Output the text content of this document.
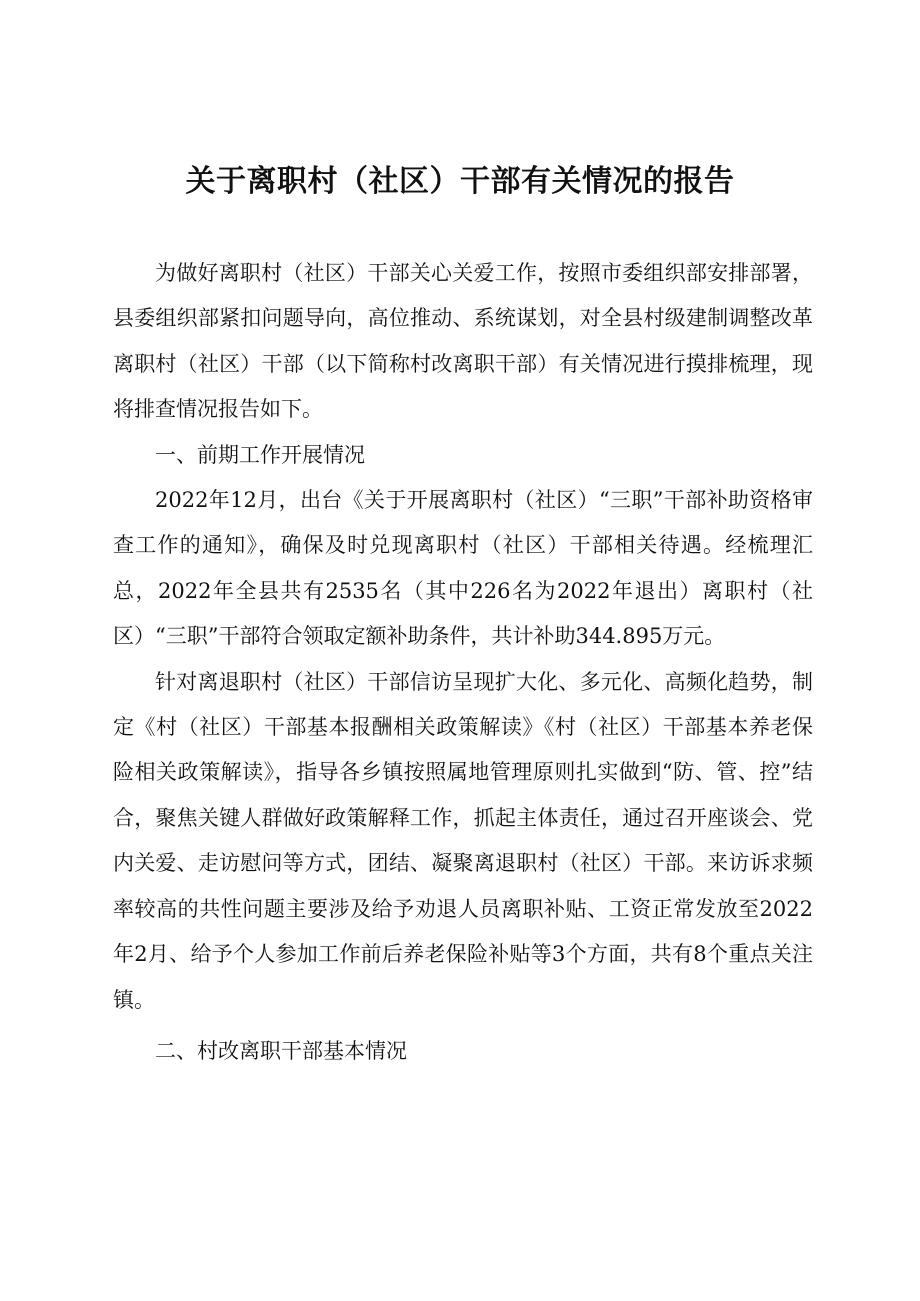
关于离职村（社区）干部有关情况的报告

为做好离职村（社区）干部关心关爱工作，按照市委组织部安排部署，县委组织部紧扣问题导向，高位推动、系统谋划，对全县村级建制调整改革离职村（社区）干部（以下简称村改离职干部）有关情况进行摸排梳理，现将排查情况报告如下。

一、前期工作开展情况

2022年12月，出台《关于开展离职村（社区）“三职”干部补助资格审查工作的通知》，确保及时兑现离职村（社区）干部相关待遇。经梳理汇总，2022年全县共有2535名（其中226名为2022年退出）离职村（社区）“三职”干部符合领取定额补助条件，共计补助344.895万元。

针对离退职村（社区）干部信访呈现扩大化、多元化、高频化趋势，制定《村（社区）干部基本报酬相关政策解读》《村（社区）干部基本养老保险相关政策解读》，指导各乡镇按照属地管理原则扎实做到“防、管、控”结合，聚焦关键人群做好政策解释工作，抓起主体责任，通过召开座谈会、党内关爱、走访慰问等方式，团结、凝聚离退职村（社区）干部。来访诉求频率较高的共性问题主要涉及给予劝退人员离职补贴、工资正常发放至2022年2月、给予个人参加工作前后养老保险补贴等3个方面，共有8个重点关注镇。

二、村改离职干部基本情况
